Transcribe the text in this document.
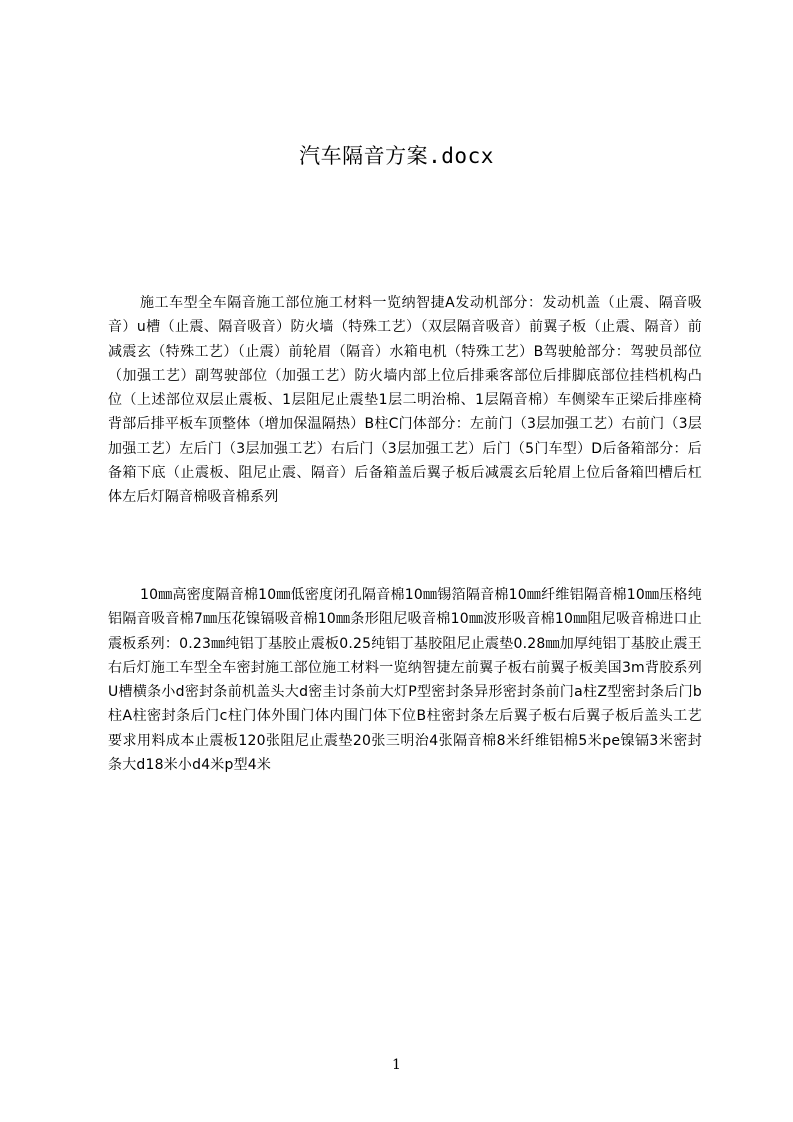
汽车隔音方案.docx

施工车型全车隔音施工部位施工材料一览纳智捷A发动机部分：发动机盖（止震、隔音吸音）u槽（止震、隔音吸音）防火墙（特殊工艺）（双层隔音吸音）前翼子板（止震、隔音）前减震玄（特殊工艺）（止震）前轮眉（隔音）水箱电机（特殊工艺）B驾驶舱部分：驾驶员部位（加强工艺）副驾驶部位（加强工艺）防火墙内部上位后排乘客部位后排脚底部位挂档机构凸位（上述部位双层止震板、1层阻尼止震垫1层二明治棉、1层隔音棉）车侧梁车正梁后排座椅背部后排平板车顶整体（增加保温隔热）B柱C门体部分：左前门（3层加强工艺）右前门（3层加强工艺）左后门（3层加强工艺）右后门（3层加强工艺）后门（5门车型）D后备箱部分：后备箱下底（止震板、阻尼止震、隔音）后备箱盖后翼子板后减震玄后轮眉上位后备箱凹槽后杠体左后灯隔音棉吸音棉系列

10㎜高密度隔音棉10㎜低密度闭孔隔音棉10㎜锡箔隔音棉10㎜纤维铝隔音棉10㎜压格纯铝隔音吸音棉7㎜压花镍镉吸音棉10㎜条形阻尼吸音棉10㎜波形吸音棉10㎜阻尼吸音棉进口止震板系列：0.23㎜纯铝丁基胶止震板0.25纯铝丁基胶阻尼止震垫0.28㎜加厚纯铝丁基胶止震王右后灯施工车型全车密封施工部位施工材料一览纳智捷左前翼子板右前翼子板美国3m背胶系列U槽横条小d密封条前机盖头大d密圭讨条前大灯P型密封条异形密封条前门a柱Z型密封条后门b柱A柱密封条后门c柱门体外围门体内围门体下位B柱密封条左后翼子板右后翼子板后盖头工艺要求用料成本止震板120张阻尼止震垫20张三明治4张隔音棉8米纤维铝棉5米pe镍镉3米密封条大d18米小d4米p型4米

1
